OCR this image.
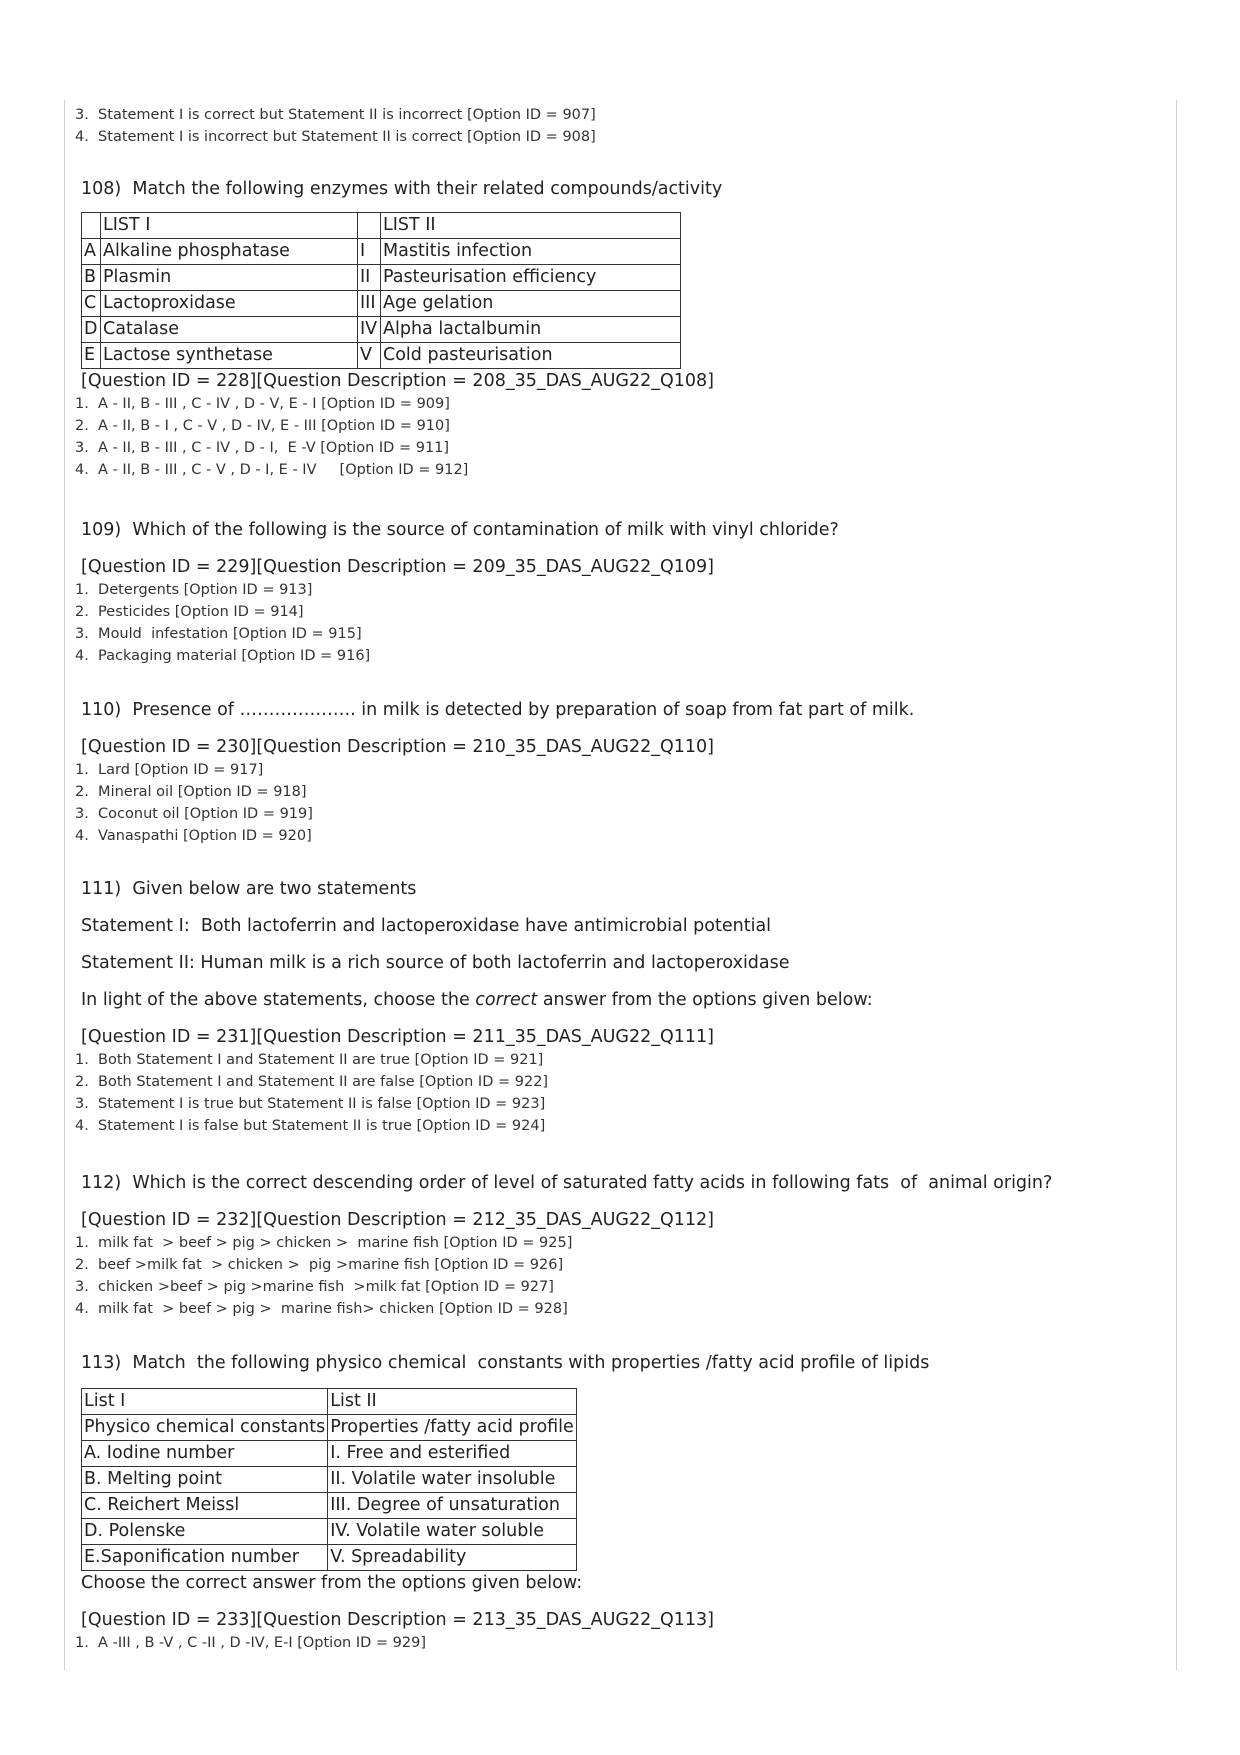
3.  Statement I is correct but Statement II is incorrect [Option ID = 907]
4.  Statement I is incorrect but Statement II is correct [Option ID = 908]

108)  Match the following enzymes with their related compounds/activity

	LIST I		LIST II
A	Alkaline phosphatase	I	Mastitis infection
B	Plasmin	II	Pasteurisation efficiency
C	Lactoproxidase	III	Age gelation
D	Catalase	IV	Alpha lactalbumin
E	Lactose synthetase	V	Cold pasteurisation

[Question ID = 228][Question Description = 208_35_DAS_AUG22_Q108]

1.  A - II, B - III , C - IV , D - V, E - I [Option ID = 909]
2.  A - II, B - I , C - V , D - IV, E - III [Option ID = 910]
3.  A - II, B - III , C - IV , D - I,  E -V [Option ID = 911]
4.  A - II, B - III , C - V , D - I, E - IV     [Option ID = 912]

109)  Which of the following is the source of contamination of milk with vinyl chloride?

[Question ID = 229][Question Description = 209_35_DAS_AUG22_Q109]

1.  Detergents [Option ID = 913]
2.  Pesticides [Option ID = 914]
3.  Mould  infestation [Option ID = 915]
4.  Packaging material [Option ID = 916]

110)  Presence of ……………….. in milk is detected by preparation of soap from fat part of milk.

[Question ID = 230][Question Description = 210_35_DAS_AUG22_Q110]

1.  Lard [Option ID = 917]
2.  Mineral oil [Option ID = 918]
3.  Coconut oil [Option ID = 919]
4.  Vanaspathi [Option ID = 920]

111)  Given below are two statements

Statement I:  Both lactoferrin and lactoperoxidase have antimicrobial potential

Statement II: Human milk is a rich source of both lactoferrin and lactoperoxidase

In light of the above statements, choose the correct answer from the options given below:

[Question ID = 231][Question Description = 211_35_DAS_AUG22_Q111]

1.  Both Statement I and Statement II are true [Option ID = 921]
2.  Both Statement I and Statement II are false [Option ID = 922]
3.  Statement I is true but Statement II is false [Option ID = 923]
4.  Statement I is false but Statement II is true [Option ID = 924]

112)  Which is the correct descending order of level of saturated fatty acids in following fats  of  animal origin?

[Question ID = 232][Question Description = 212_35_DAS_AUG22_Q112]

1.  milk fat  > beef > pig > chicken >  marine fish [Option ID = 925]
2.  beef >milk fat  > chicken >  pig >marine fish [Option ID = 926]
3.  chicken >beef > pig >marine fish  >milk fat [Option ID = 927]
4.  milk fat  > beef > pig >  marine fish> chicken [Option ID = 928]

113)  Match  the following physico chemical  constants with properties /fatty acid profile of lipids

List I	List II
Physico chemical constants	Properties /fatty acid profile
A. Iodine number	I. Free and esterified
B. Melting point	II. Volatile water insoluble
C. Reichert Meissl	III. Degree of unsaturation
D. Polenske	IV. Volatile water soluble
E.Saponification number	V. Spreadability

Choose the correct answer from the options given below:

[Question ID = 233][Question Description = 213_35_DAS_AUG22_Q113]

1.  A -III , B -V , C -II , D -IV, E-I [Option ID = 929]
